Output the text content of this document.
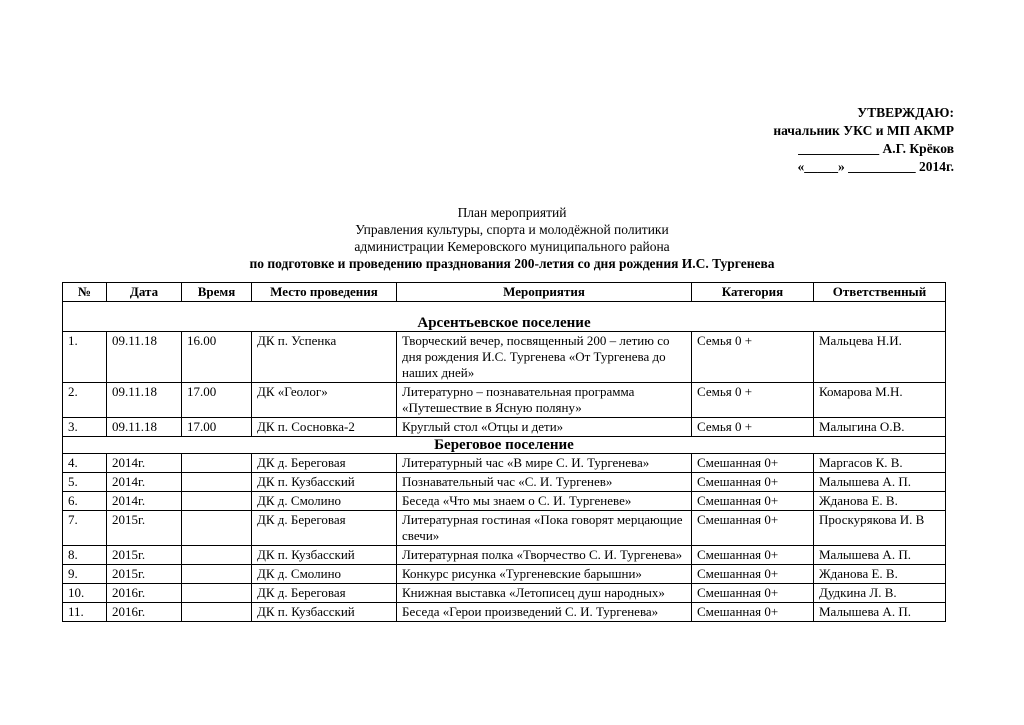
УТВЕРЖДАЮ:
начальник УКС и МП АКМР
____________ А.Г. Крёков
«_____» __________ 2014г.
План мероприятий
Управления культуры, спорта и молодёжной политики
администрации Кемеровского муниципального района
по подготовке и проведению празднования 200-летия со дня рождения И.С. Тургенева
№	Дата	Время	Место проведения	Мероприятия	Категория	Ответственный
Арсентьевское поселение						
1.	09.11.18	16.00	ДК п. Успенка	Творческий вечер, посвященный 200 – летию со дня рождения И.С. Тургенева «От Тургенева до наших дней»	Семья 0 +	Мальцева Н.И.
2.	09.11.18	17.00	ДК «Геолог»	Литературно – познавательная программа «Путешествие в Ясную поляну»	Семья 0 +	Комарова М.Н.
3.	09.11.18	17.00	ДК п. Сосновка-2	Круглый стол «Отцы и дети»	Семья 0 +	Малыгина О.В.
Береговое поселение						
4.	2014г.		ДК д. Береговая	Литературный час «В мире С. И. Тургенева»	Смешанная 0+	Маргасов К. В.
5.	2014г.		ДК п. Кузбасский	Познавательный час «С. И. Тургенев»	Смешанная 0+	Малышева А. П.
6.	2014г.		ДК д. Смолино	Беседа «Что мы знаем о С. И. Тургеневе»	Смешанная 0+	Жданова Е. В.
7.	2015г.		ДК д. Береговая	Литературная гостиная «Пока говорят мерцающие свечи»	Смешанная 0+	Проскурякова И. В
8.	2015г.		ДК п. Кузбасский	Литературная полка «Творчество С. И. Тургенева»	Смешанная 0+	Малышева А. П.
9.	2015г.		ДК д. Смолино	Конкурс рисунка «Тургеневские барышни»	Смешанная 0+	Жданова Е. В.
10.	2016г.		ДК д. Береговая	Книжная выставка «Летописец душ народных»	Смешанная 0+	Дудкина Л. В.
11.	2016г.		ДК п. Кузбасский	Беседа «Герои произведений С. И. Тургенева»	Смешанная 0+	Малышева А. П.
